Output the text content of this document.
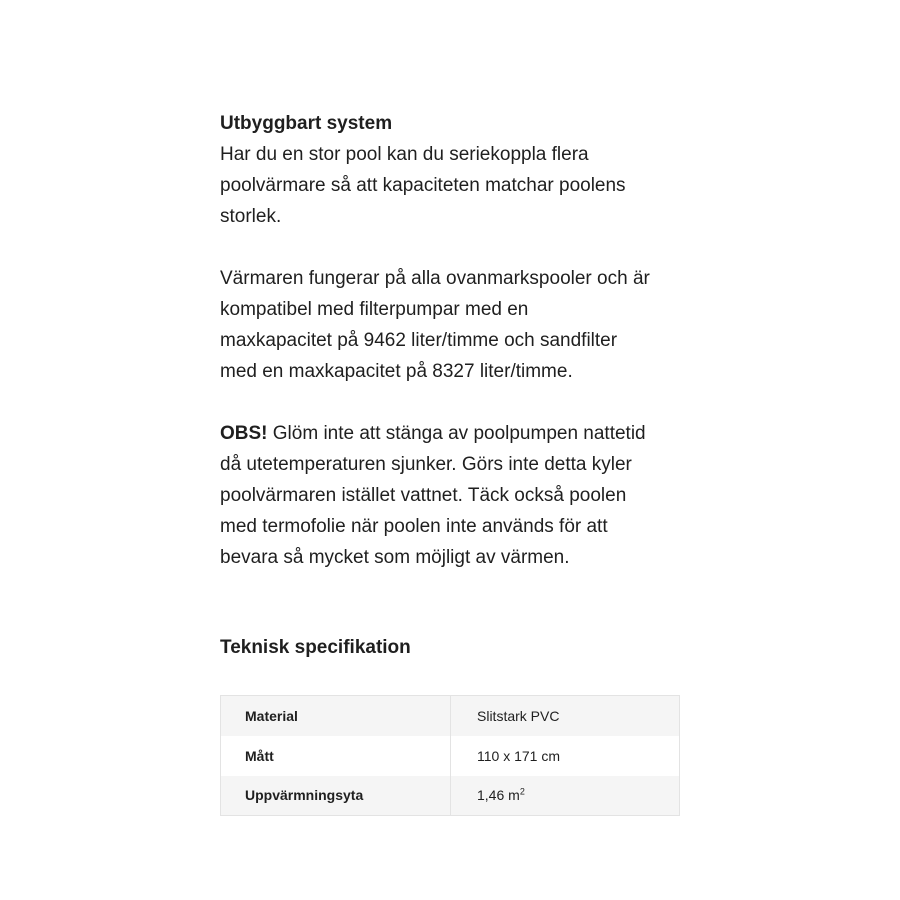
Utbyggbart system

Har du en stor pool kan du seriekoppla flera
poolvärmare så att kapaciteten matchar poolens
storlek.

Värmaren fungerar på alla ovanmarkspooler och är
kompatibel med filterpumpar med en
maxkapacitet på 9462 liter/timme och sandfilter
med en maxkapacitet på 8327 liter/timme.

OBS! Glöm inte att stänga av poolpumpen nattetid
då utetemperaturen sjunker. Görs inte detta kyler
poolvärmaren istället vattnet. Täck också poolen
med termofolie när poolen inte används för att
bevara så mycket som möjligt av värmen.

Teknisk specifikation

Material	Slitstark PVC
Mått	110 x 171 cm
Uppvärmningsyta	1,46 $m^2$
